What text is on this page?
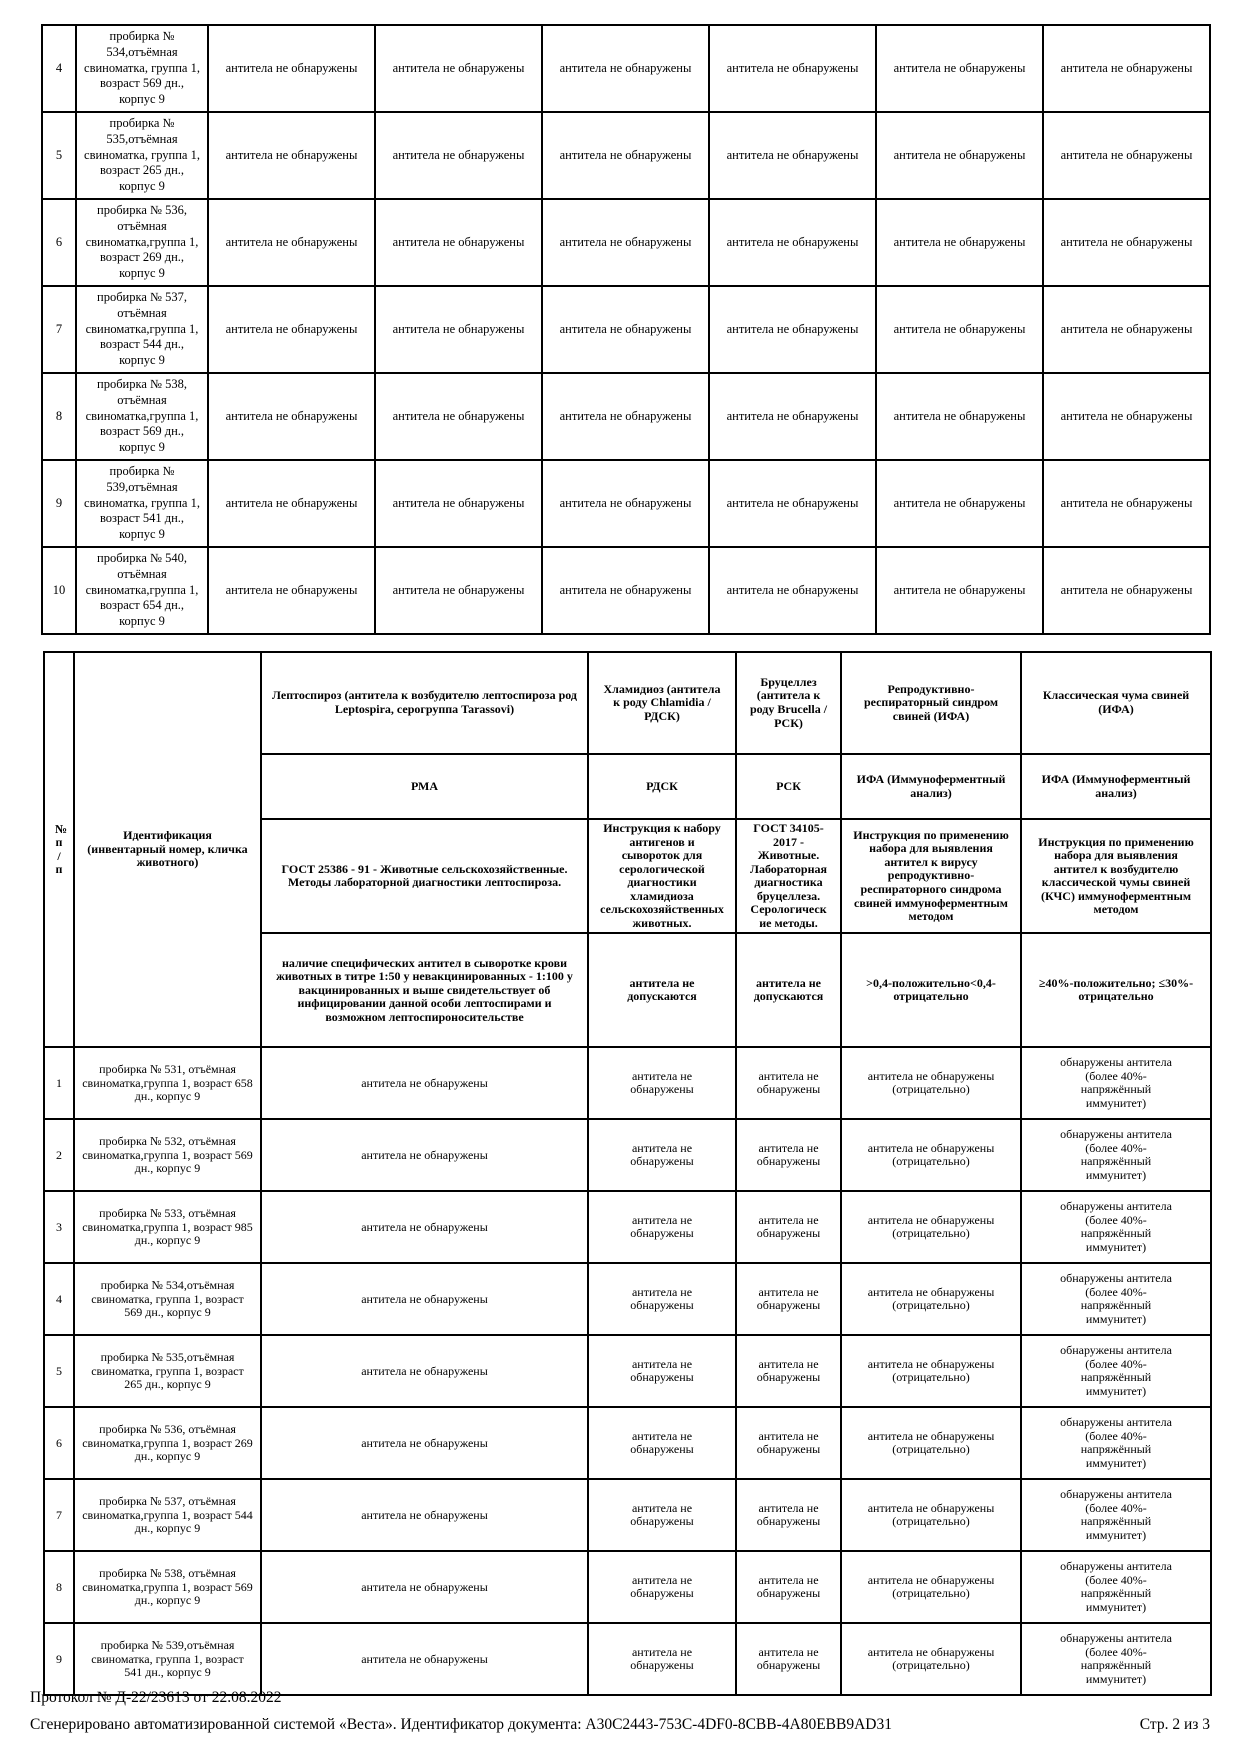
4	пробирка № 534,отъёмная свиноматка, группа 1, возраст 569 дн., корпус 9	антитела не обнаружены	антитела не обнаружены	антитела не обнаружены	антитела не обнаружены	антитела не обнаружены	антитела не обнаружены
5	пробирка № 535,отъёмная свиноматка, группа 1, возраст 265 дн., корпус 9	антитела не обнаружены	антитела не обнаружены	антитела не обнаружены	антитела не обнаружены	антитела не обнаружены	антитела не обнаружены
6	пробирка № 536, отъёмная свиноматка,группа 1, возраст 269 дн., корпус 9	антитела не обнаружены	антитела не обнаружены	антитела не обнаружены	антитела не обнаружены	антитела не обнаружены	антитела не обнаружены
7	пробирка № 537, отъёмная свиноматка,группа 1, возраст 544 дн., корпус 9	антитела не обнаружены	антитела не обнаружены	антитела не обнаружены	антитела не обнаружены	антитела не обнаружены	антитела не обнаружены
8	пробирка № 538, отъёмная свиноматка,группа 1, возраст 569 дн., корпус 9	антитела не обнаружены	антитела не обнаружены	антитела не обнаружены	антитела не обнаружены	антитела не обнаружены	антитела не обнаружены
9	пробирка № 539,отъёмная свиноматка, группа 1, возраст 541 дн., корпус 9	антитела не обнаружены	антитела не обнаружены	антитела не обнаружены	антитела не обнаружены	антитела не обнаружены	антитела не обнаружены
10	пробирка № 540, отъёмная свиноматка,группа 1, возраст 654 дн., корпус 9	антитела не обнаружены	антитела не обнаружены	антитела не обнаружены	антитела не обнаружены	антитела не обнаружены	антитела не обнаружены
№ п/п	Идентификация (инвентарный номер, кличка животного)	Лептоспироз (антитела к возбудителю лептоспироза род Leptospira, серогруппа Tarassovi)	Хламидиоз (антитела к роду Chlamidia / РДСК)	Бруцеллез (антитела к роду Brucella / РСК)	Репродуктивно-респираторный синдром свиней (ИФА)	Классическая чума свиней (ИФА)
		РМА	РДСК	РСК	ИФА (Иммуноферментный анализ)	ИФА (Иммуноферментный анализ)
		ГОСТ 25386 - 91 - Животные сельскохозяйственные. Методы лабораторной диагностики лептоспироза.	Инструкция к набору антигенов и сывороток для серологической диагностики хламидиоза сельскохозяйственных животных.	ГОСТ 34105-2017 - Животные. Лабораторная диагностика бруцеллеза. Серологические методы.	Инструкция по применению набора для выявления антител к вирусу репродуктивно-респираторного синдрома свиней иммуноферментным методом	Инструкция по применению набора для выявления антител к возбудителю классической чумы свиней (КЧС) иммуноферментным методом
		наличие специфических антител в сыворотке крови животных в титре 1:50 у невакцинированных - 1:100 у вакцинированных и выше свидетельствует об инфицировании данной особи лептоспирами и возможном лептоспироносительстве	антитела не допускаются	антитела не допускаются	>0,4-положительно<0,4-отрицательно	≥40%-положительно; ≤30%-отрицательно
1	пробирка № 531, отъёмная свиноматка,группа 1, возраст 658 дн., корпус 9	антитела не обнаружены	антитела не обнаружены	антитела не обнаружены	антитела не обнаружены (отрицательно)	обнаружены антитела (более 40%-напряжённый иммунитет)
2	пробирка № 532, отъёмная свиноматка,группа 1, возраст 569 дн., корпус 9	антитела не обнаружены	антитела не обнаружены	антитела не обнаружены	антитела не обнаружены (отрицательно)	обнаружены антитела (более 40%-напряжённый иммунитет)
3	пробирка № 533, отъёмная свиноматка,группа 1, возраст 985 дн., корпус 9	антитела не обнаружены	антитела не обнаружены	антитела не обнаружены	антитела не обнаружены (отрицательно)	обнаружены антитела (более 40%-напряжённый иммунитет)
4	пробирка № 534,отъёмная свиноматка, группа 1, возраст 569 дн., корпус 9	антитела не обнаружены	антитела не обнаружены	антитела не обнаружены	антитела не обнаружены (отрицательно)	обнаружены антитела (более 40%-напряжённый иммунитет)
5	пробирка № 535,отъёмная свиноматка, группа 1, возраст 265 дн., корпус 9	антитела не обнаружены	антитела не обнаружены	антитела не обнаружены	антитела не обнаружены (отрицательно)	обнаружены антитела (более 40%-напряжённый иммунитет)
6	пробирка № 536, отъёмная свиноматка,группа 1, возраст 269 дн., корпус 9	антитела не обнаружены	антитела не обнаружены	антитела не обнаружены	антитела не обнаружены (отрицательно)	обнаружены антитела (более 40%-напряжённый иммунитет)
7	пробирка № 537, отъёмная свиноматка,группа 1, возраст 544 дн., корпус 9	антитела не обнаружены	антитела не обнаружены	антитела не обнаружены	антитела не обнаружены (отрицательно)	обнаружены антитела (более 40%-напряжённый иммунитет)
8	пробирка № 538, отъёмная свиноматка,группа 1, возраст 569 дн., корпус 9	антитела не обнаружены	антитела не обнаружены	антитела не обнаружены	антитела не обнаружены (отрицательно)	обнаружены антитела (более 40%-напряжённый иммунитет)
9	пробирка № 539,отъёмная свиноматка, группа 1, возраст 541 дн., корпус 9	антитела не обнаружены	антитела не обнаружены	антитела не обнаружены	антитела не обнаружены (отрицательно)	обнаружены антитела (более 40%-напряжённый иммунитет)
Протокол № Д-22/23613 от 22.08.2022
Сгенерировано автоматизированной системой «Веста». Идентификатор документа: A30C2443-753C-4DF0-8CBB-4A80EBB9AD31	Стр. 2 из 3
